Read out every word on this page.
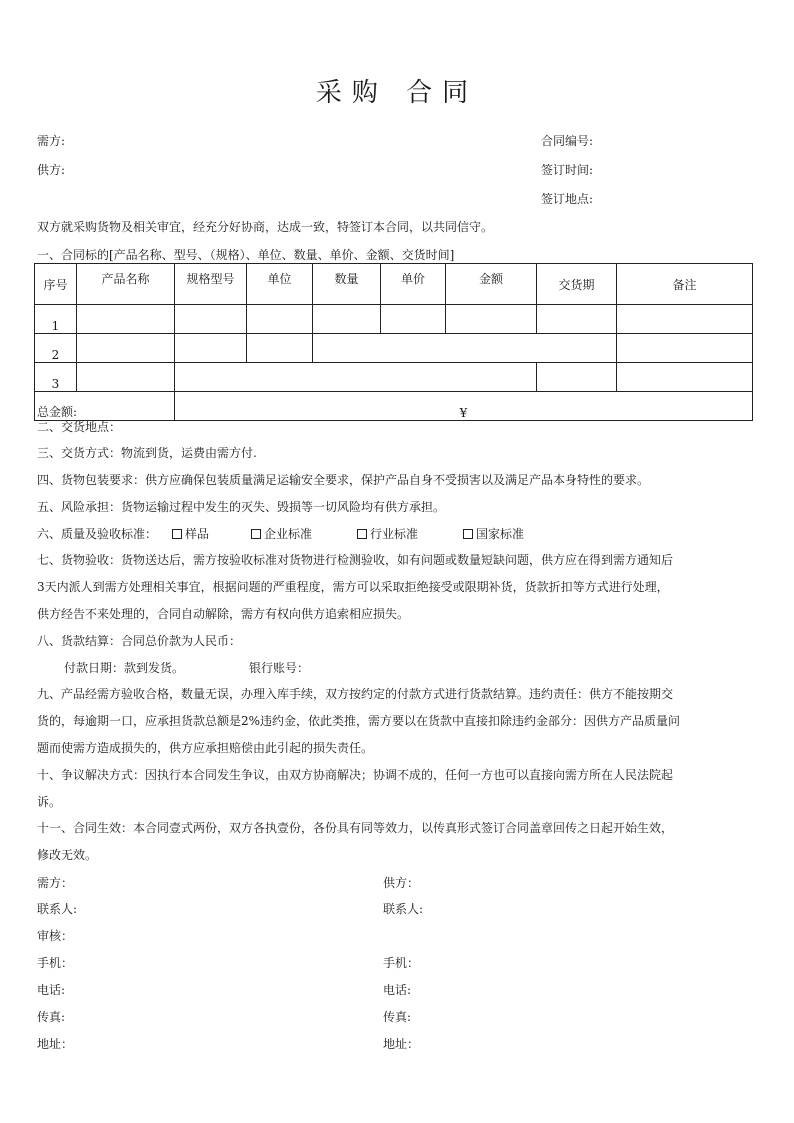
采购 合同
需方:
供方:
合同编号:
签订时间:
签订地点:
双方就采购货物及相关审宜，经充分好协商，达成一致，特签订本合同，以共同信守。
一、合同标的[产品名称、型号、（规格）、单位、数量、单价、金额、交货时间]
序号	产品名称	规格型号	单位	数量	单价	金额	交货期	备注	
1									
2									
3									
总金额:		¥							
二、交货地点：
三、交货方式：物流到货，运费由需方付.
四、货物包装要求：供方应确保包装质量满足运输安全要求，保护产品自身不受损害以及满足产品本身特性的要求。
五、风险承担：货物运输过程中发生的灭失、毁损等一切风险均有供方承担。
六、质量及验收标准：	样品	企业标准	行业标准	国家标准
七、货物验收：货物送达后，需方按验收标准对货物进行检测验收，如有问题或数量短缺问题，供方应在得到需方通知后
3天内派人到需方处理相关事宜，根据问题的严重程度，需方可以采取拒绝接受或限期补货，货款折扣等方式进行处理，
供方经告不来处理的，合同自动解除，需方有权向供方追索相应损失。
八、货款结算：合同总价款为人民币：
付款日期：款到发货。	银行账号：
九、产品经需方验收合格，数量无误，办理入库手续，双方按约定的付款方式进行货款结算。违约责任：供方不能按期交
货的，每逾期一口，应承担货款总额是2%违约金，依此类推，需方要以在货款中直接扣除违约金部分：因供方产品质量问
题而使需方造成损失的，供方应承担赔偿由此引起的损失责任。
十、争议解决方式：因执行本合同发生争议，由双方协商解决；协调不成的，任何一方也可以直接向需方所在人民法院起
诉。
十一、合同生效：本合同壹式两份，双方各执壹份，各份具有同等效力，以传真形式签订合同盖章回传之日起开始生效，
修改无效。
需方：	供方：
联系人:	联系人:
审核：
手机：	手机：
电话:	电话:
传真:	传真:
地址：	地址：
